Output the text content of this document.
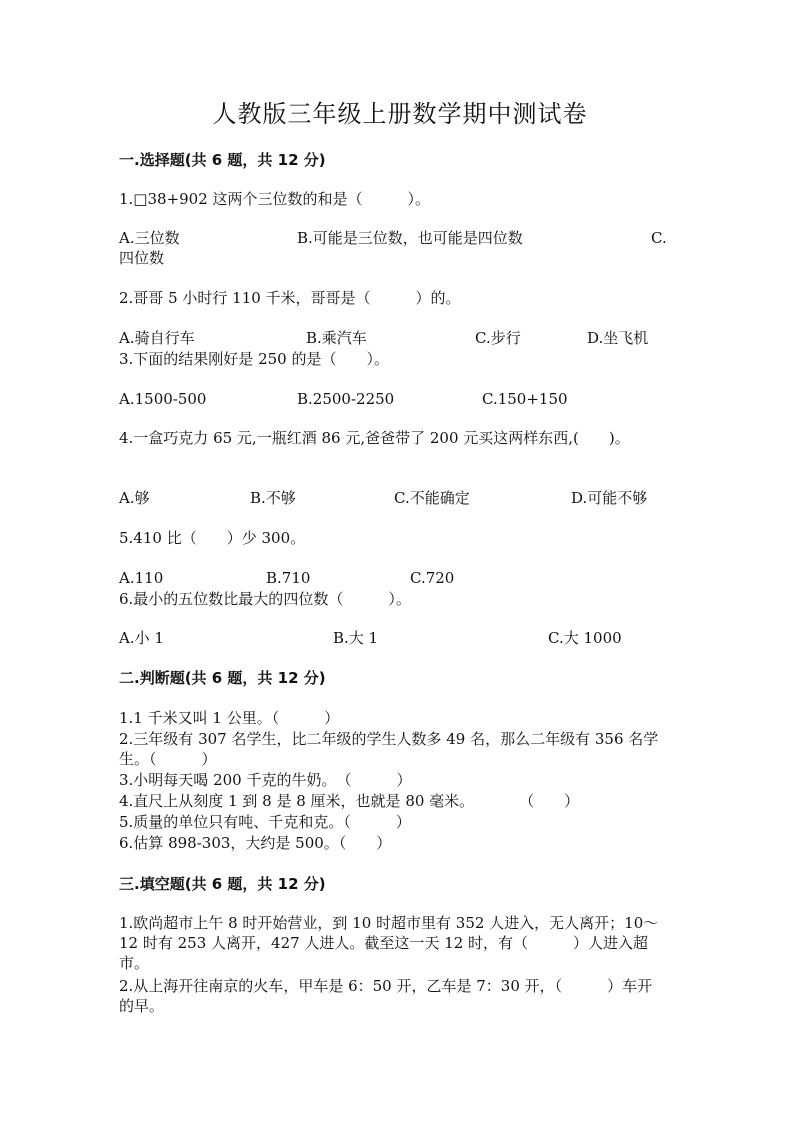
人教版三年级上册数学期中测试卷
一.选择题(共 6 题，共 12 分)
1.□38+902 这两个三位数的和是（　　　）。
A.三位数	B.可能是三位数，也可能是四位数	C.
四位数
2.哥哥 5 小时行 110 千米，哥哥是（　　　）的。
A.骑自行车	B.乘汽车	C.步行	D.坐飞机
3.下面的结果刚好是 250 的是（　　）。
A.1500-500	B.2500-2250	C.150+150
4.一盒巧克力 65 元,一瓶红酒 86 元,爸爸带了 200 元买这两样东西,(　　)。
A.够	B.不够	C.不能确定	D.可能不够
5.410 比（　　）少 300。
A.110	B.710	C.720
6.最小的五位数比最大的四位数（　　　）。
A.小 1	B.大 1	C.大 1000
二.判断题(共 6 题，共 12 分)
1.1 千米又叫 1 公里。（　　　）
2.三年级有 307 名学生，比二年级的学生人数多 49 名，那么二年级有 356 名学
生。（　　　）
3.小明每天喝 200 千克的牛奶。　（　　　）
4.直尺上从刻度 1 到 8 是 8 厘米，也就是 80 毫米。　　　　（　　）
5.质量的单位只有吨、千克和克。（　　　）
6.估算 898-303，大约是 500。（　　）
三.填空题(共 6 题，共 12 分)
1.欧尚超市上午 8 时开始营业，到 10 时超市里有 352 人进入，无人离开；10～12 时有 253 人离开，427 人进人。截至这一天 12 时，有（　　　）人进入超市。
2.从上海开往南京的火车，甲车是 6：50 开，乙车是 7：30 开，（　　　）车开的早。
